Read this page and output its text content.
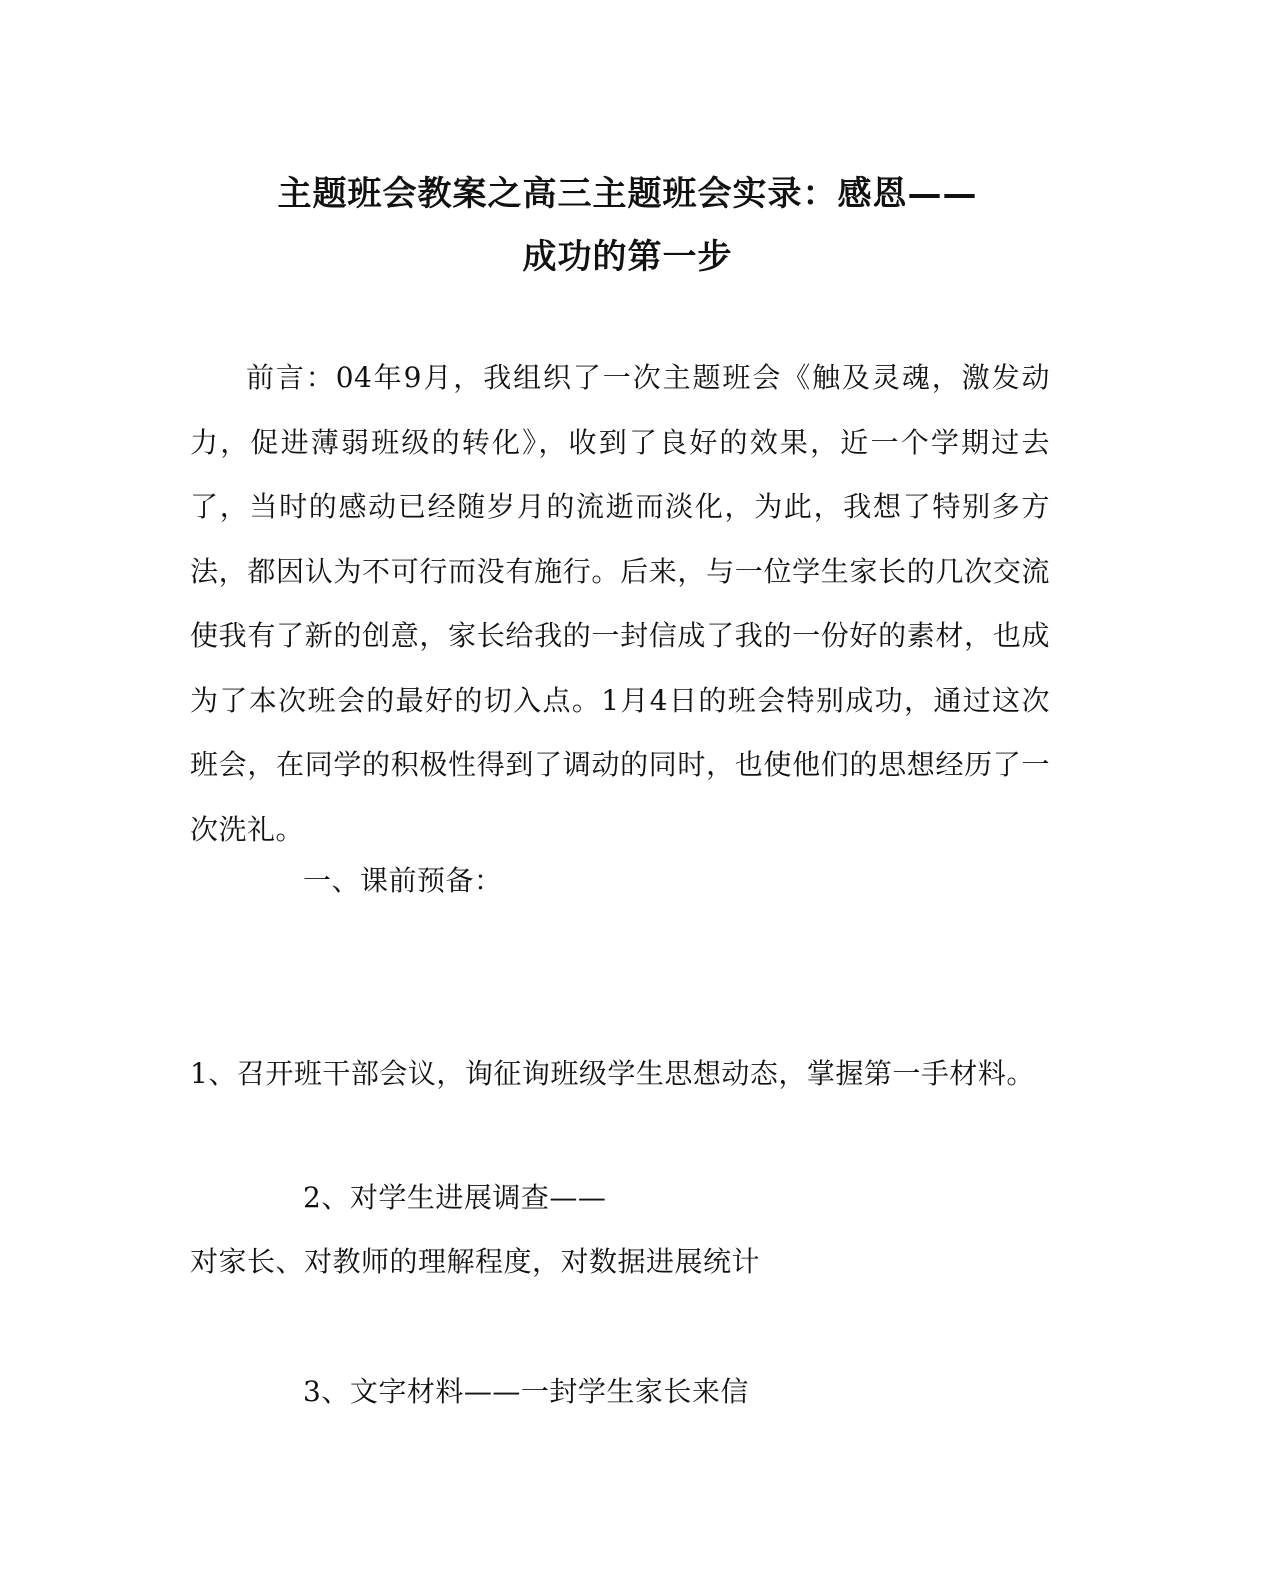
主题班会教案之高三主题班会实录：感恩——
成功的第一步

前言：04年9月，我组织了一次主题班会《触及灵魂，激发动力，促进薄弱班级的转化》，收到了良好的效果，近一个学期过去了，当时的感动已经随岁月的流逝而淡化，为此，我想了特别多方法，都因认为不可行而没有施行。后来，与一位学生家长的几次交流使我有了新的创意，家长给我的一封信成了我的一份好的素材，也成为了本次班会的最好的切入点。1月4日的班会特别成功，通过这次班会，在同学的积极性得到了调动的同时，也使他们的思想经历了一次洗礼。

一、课前预备：
1、召开班干部会议，询征询班级学生思想动态，掌握第一手材料。
2、对学生进展调查——
对家长、对教师的理解程度，对数据进展统计
3、文字材料——一封学生家长来信
